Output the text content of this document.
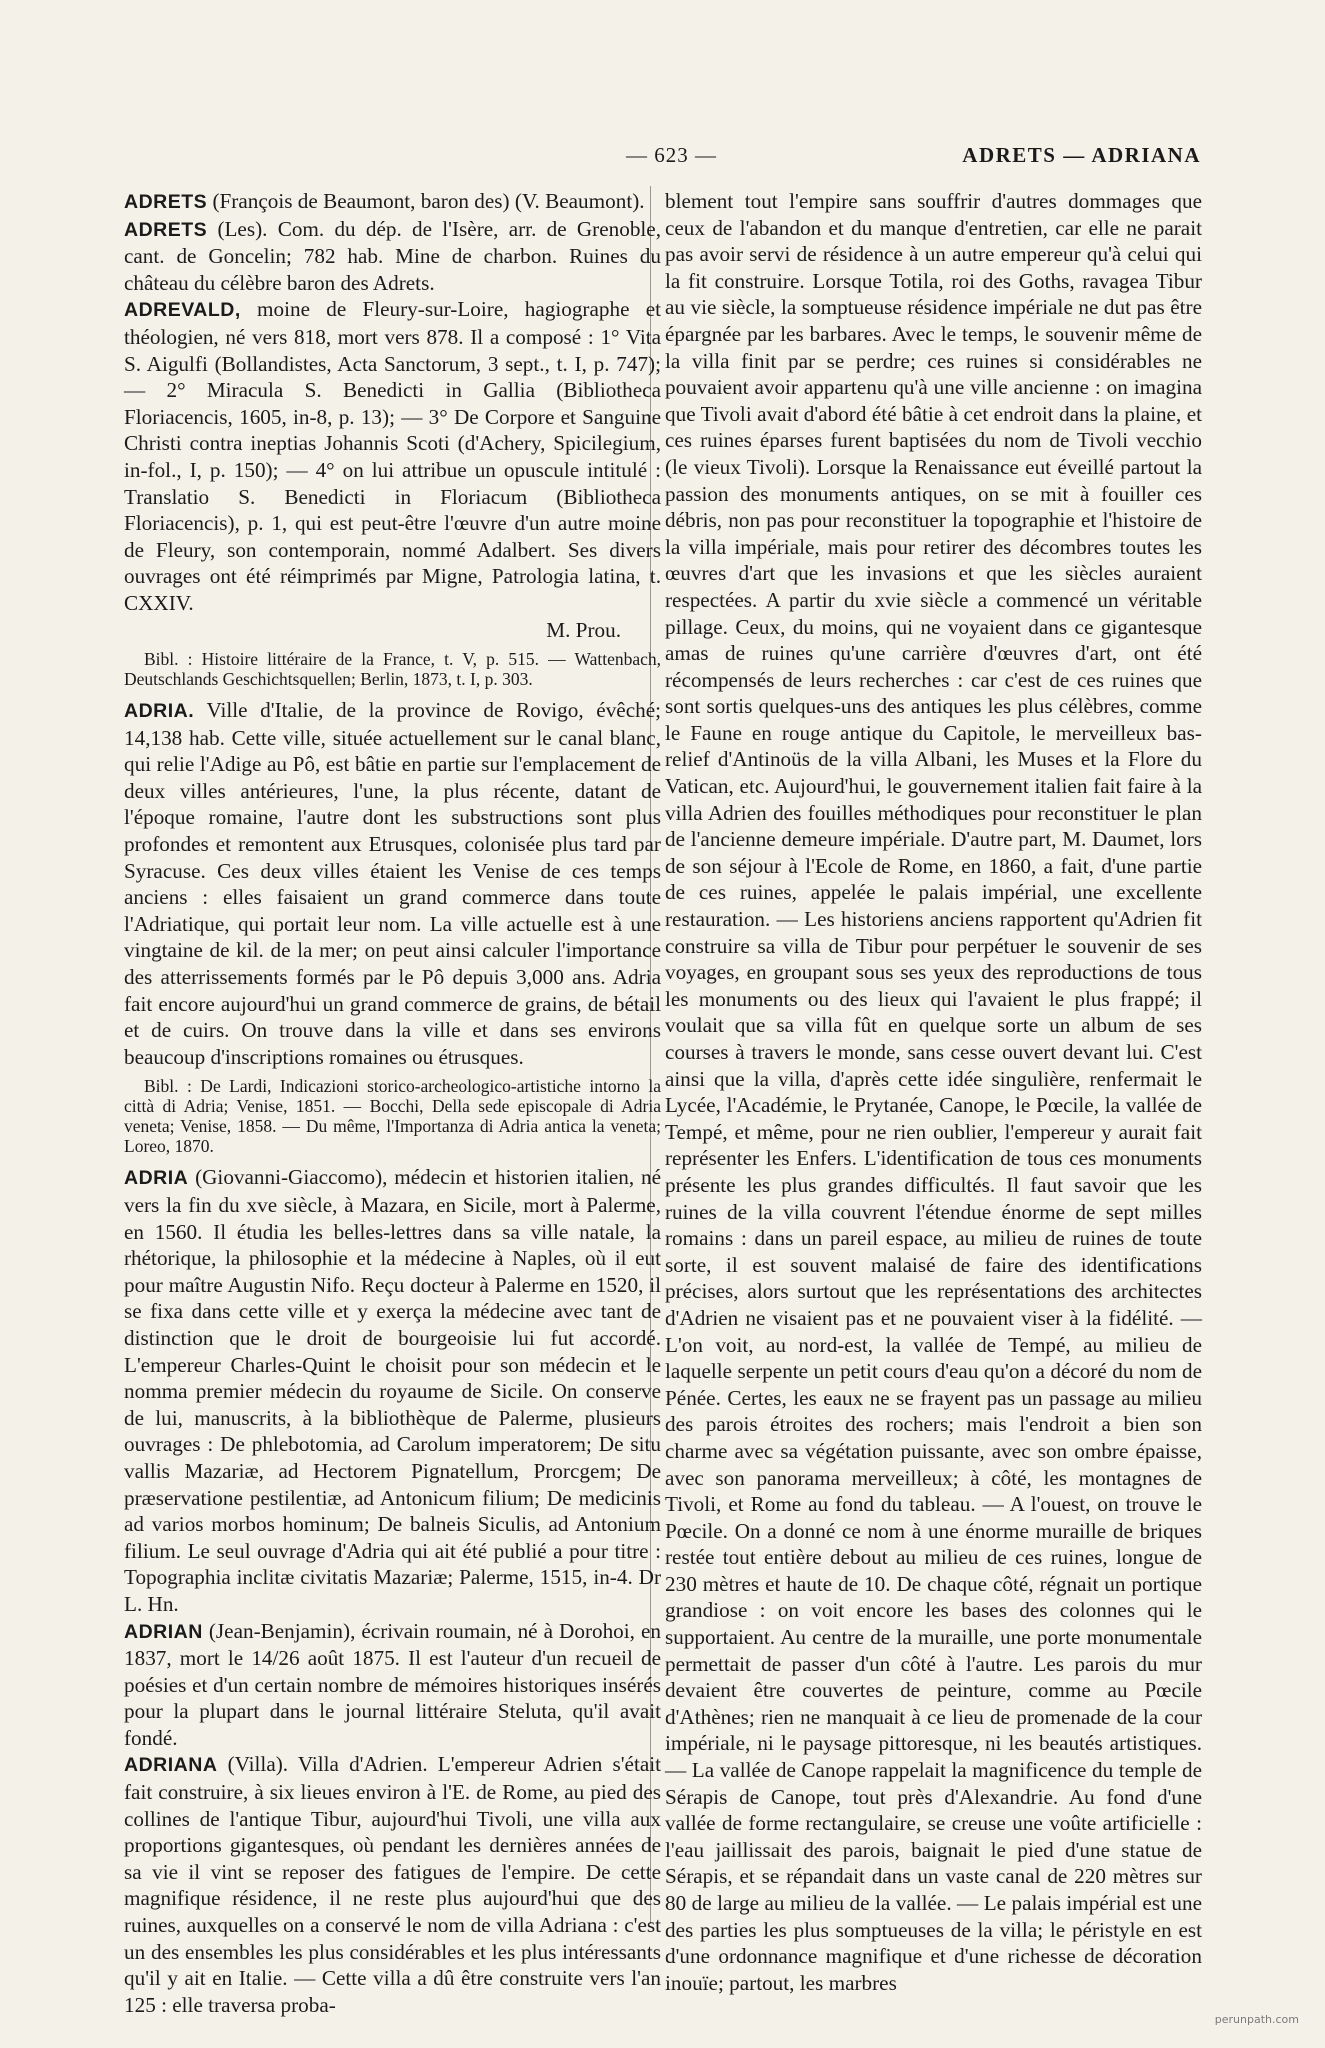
— 623 —	ADRETS — ADRIANA

ADRETS (François de Beaumont, baron des) (V. Beaumont).

ADRETS (Les). Com. du dép. de l'Isère, arr. de Grenoble, cant. de Goncelin; 782 hab. Mine de charbon. Ruines du château du célèbre baron des Adrets.

ADREVALD, moine de Fleury-sur-Loire, hagiographe et théologien, né vers 818, mort vers 878. Il a composé : 1° Vita S. Aigulfi (Bollandistes, Acta Sanctorum, 3 sept., t. I, p. 747); — 2° Miracula S. Benedicti in Gallia (Bibliotheca Floriacencis, 1605, in-8, p. 13); — 3° De Corpore et Sanguine Christi contra ineptias Johannis Scoti (d'Achery, Spicilegium, in-fol., I, p. 150); — 4° on lui attribue un opuscule intitulé : Translatio S. Benedicti in Floriacum (Bibliotheca Floriacencis), p. 1, qui est peut-être l'œuvre d'un autre moine de Fleury, son contemporain, nommé Adalbert. Ses divers ouvrages ont été réimprimés par Migne, Patrologia latina, t. CXXIV.

M. Prou.

Bibl. : Histoire littéraire de la France, t. V, p. 515. — Wattenbach, Deutschlands Geschichtsquellen; Berlin, 1873, t. I, p. 303.

ADRIA. Ville d'Italie, de la province de Rovigo, évêché; 14,138 hab. Cette ville, située actuellement sur le canal blanc, qui relie l'Adige au Pô, est bâtie en partie sur l'emplacement de deux villes antérieures, l'une, la plus récente, datant de l'époque romaine, l'autre dont les substructions sont plus profondes et remontent aux Etrusques, colonisée plus tard par Syracuse. Ces deux villes étaient les Venise de ces temps anciens : elles faisaient un grand commerce dans toute l'Adriatique, qui portait leur nom. La ville actuelle est à une vingtaine de kil. de la mer; on peut ainsi calculer l'importance des atterrissements formés par le Pô depuis 3,000 ans. Adria fait encore aujourd'hui un grand commerce de grains, de bétail et de cuirs. On trouve dans la ville et dans ses environs beaucoup d'inscriptions romaines ou étrusques.

Bibl. : De Lardi, Indicazioni storico-archeologico-artistiche intorno la città di Adria; Venise, 1851. — Bocchi, Della sede episcopale di Adria veneta; Venise, 1858. — Du même, l'Importanza di Adria antica la veneta; Loreo, 1870.

ADRIA (Giovanni-Giaccomo), médecin et historien italien, né vers la fin du xve siècle, à Mazara, en Sicile, mort à Palerme, en 1560. Il étudia les belles-lettres dans sa ville natale, la rhétorique, la philosophie et la médecine à Naples, où il eut pour maître Augustin Nifo. Reçu docteur à Palerme en 1520, il se fixa dans cette ville et y exerça la médecine avec tant de distinction que le droit de bourgeoisie lui fut accordé. L'empereur Charles-Quint le choisit pour son médecin et le nomma premier médecin du royaume de Sicile. On conserve de lui, manuscrits, à la bibliothèque de Palerme, plusieurs ouvrages : De phlebotomia, ad Carolum imperatorem; De situ vallis Mazariæ, ad Hectorem Pignatellum, Prorcgem; De præservatione pestilentiæ, ad Antonicum filium; De medicinis ad varios morbos hominum; De balneis Siculis, ad Antonium filium. Le seul ouvrage d'Adria qui ait été publié a pour titre : Topographia inclitæ civitatis Mazariæ; Palerme, 1515, in-4. Dr L. Hn.

ADRIAN (Jean-Benjamin), écrivain roumain, né à Dorohoi, en 1837, mort le 14/26 août 1875. Il est l'auteur d'un recueil de poésies et d'un certain nombre de mémoires historiques insérés pour la plupart dans le journal littéraire Steluta, qu'il avait fondé.

ADRIANA (Villa). Villa d'Adrien. L'empereur Adrien s'était fait construire, à six lieues environ à l'E. de Rome, au pied des collines de l'antique Tibur, aujourd'hui Tivoli, une villa aux proportions gigantesques, où pendant les dernières années de sa vie il vint se reposer des fatigues de l'empire. De cette magnifique résidence, il ne reste plus aujourd'hui que des ruines, auxquelles on a conservé le nom de villa Adriana : c'est un des ensembles les plus considérables et les plus intéressants qu'il y ait en Italie. — Cette villa a dû être construite vers l'an 125 : elle traversa proba-

blement tout l'empire sans souffrir d'autres dommages que ceux de l'abandon et du manque d'entretien, car elle ne parait pas avoir servi de résidence à un autre empereur qu'à celui qui la fit construire. Lorsque Totila, roi des Goths, ravagea Tibur au vie siècle, la somptueuse résidence impériale ne dut pas être épargnée par les barbares. Avec le temps, le souvenir même de la villa finit par se perdre; ces ruines si considérables ne pouvaient avoir appartenu qu'à une ville ancienne : on imagina que Tivoli avait d'abord été bâtie à cet endroit dans la plaine, et ces ruines éparses furent baptisées du nom de Tivoli vecchio (le vieux Tivoli). Lorsque la Renaissance eut éveillé partout la passion des monuments antiques, on se mit à fouiller ces débris, non pas pour reconstituer la topographie et l'histoire de la villa impériale, mais pour retirer des décombres toutes les œuvres d'art que les invasions et que les siècles auraient respectées. A partir du xvie siècle a commencé un véritable pillage. Ceux, du moins, qui ne voyaient dans ce gigantesque amas de ruines qu'une carrière d'œuvres d'art, ont été récompensés de leurs recherches : car c'est de ces ruines que sont sortis quelques-uns des antiques les plus célèbres, comme le Faune en rouge antique du Capitole, le merveilleux bas-relief d'Antinoüs de la villa Albani, les Muses et la Flore du Vatican, etc. Aujourd'hui, le gouvernement italien fait faire à la villa Adrien des fouilles méthodiques pour reconstituer le plan de l'ancienne demeure impériale. D'autre part, M. Daumet, lors de son séjour à l'Ecole de Rome, en 1860, a fait, d'une partie de ces ruines, appelée le palais impérial, une excellente restauration. — Les historiens anciens rapportent qu'Adrien fit construire sa villa de Tibur pour perpétuer le souvenir de ses voyages, en groupant sous ses yeux des reproductions de tous les monuments ou des lieux qui l'avaient le plus frappé; il voulait que sa villa fût en quelque sorte un album de ses courses à travers le monde, sans cesse ouvert devant lui. C'est ainsi que la villa, d'après cette idée singulière, renfermait le Lycée, l'Académie, le Prytanée, Canope, le Pœcile, la vallée de Tempé, et même, pour ne rien oublier, l'empereur y aurait fait représenter les Enfers. L'identification de tous ces monuments présente les plus grandes difficultés. Il faut savoir que les ruines de la villa couvrent l'étendue énorme de sept milles romains : dans un pareil espace, au milieu de ruines de toute sorte, il est souvent malaisé de faire des identifications précises, alors surtout que les représentations des architectes d'Adrien ne visaient pas et ne pouvaient viser à la fidélité. — L'on voit, au nord-est, la vallée de Tempé, au milieu de laquelle serpente un petit cours d'eau qu'on a décoré du nom de Pénée. Certes, les eaux ne se frayent pas un passage au milieu des parois étroites des rochers; mais l'endroit a bien son charme avec sa végétation puissante, avec son ombre épaisse, avec son panorama merveilleux; à côté, les montagnes de Tivoli, et Rome au fond du tableau. — A l'ouest, on trouve le Pœcile. On a donné ce nom à une énorme muraille de briques restée tout entière debout au milieu de ces ruines, longue de 230 mètres et haute de 10. De chaque côté, régnait un portique grandiose : on voit encore les bases des colonnes qui le supportaient. Au centre de la muraille, une porte monumentale permettait de passer d'un côté à l'autre. Les parois du mur devaient être couvertes de peinture, comme au Pœcile d'Athènes; rien ne manquait à ce lieu de promenade de la cour impériale, ni le paysage pittoresque, ni les beautés artistiques. — La vallée de Canope rappelait la magnificence du temple de Sérapis de Canope, tout près d'Alexandrie. Au fond d'une vallée de forme rectangulaire, se creuse une voûte artificielle : l'eau jaillissait des parois, baignait le pied d'une statue de Sérapis, et se répandait dans un vaste canal de 220 mètres sur 80 de large au milieu de la vallée. — Le palais impérial est une des parties les plus somptueuses de la villa; le péristyle en est d'une ordonnance magnifique et d'une richesse de décoration inouïe; partout, les marbres

perunpath.com
